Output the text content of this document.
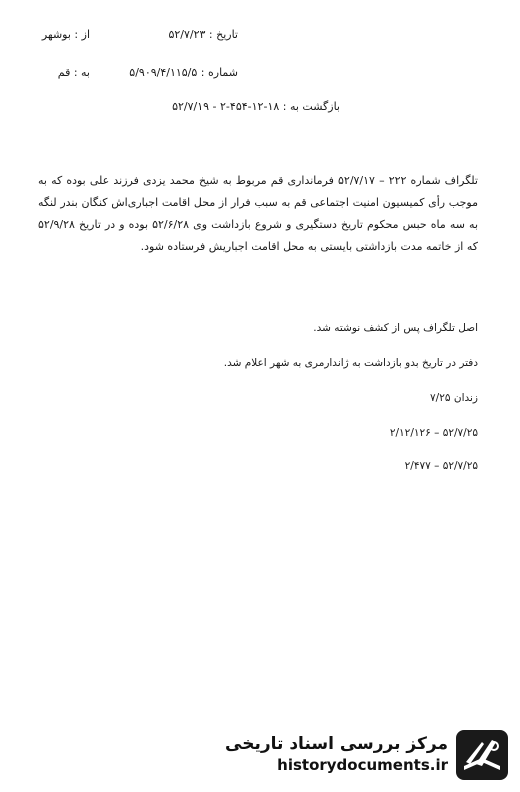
از : بوشهر	تاریخ : ۵۲/۷/۲۳
به : قم	شماره : ۵/۹۰۹/۴/۱۱۵/۵
بازگشت به : ۱۸-۱۲-۴۵۴-۲ - ۵۲/۷/۱۹
تلگراف شماره ۲۲۲ – ۵۲/۷/۱۷ فرمانداری قم مربوط به شیخ محمد یزدی فرزند علی بوده که به موجب رأی کمیسیون امنیت اجتماعی قم به سبب فرار از محل اقامت اجباری‌اش کنگان بندر لنگه به سه ماه حبس محکوم تاریخ دستگیری و شروع بازداشت وی ۵۲/۶/۲۸ بوده و در تاریخ ۵۲/۹/۲۸ که از خاتمه مدت بازداشتی بایستی به محل اقامت اجباریش فرستاده شود.
اصل تلگراف پس از کشف نوشته شد.
دفتر در تاریخ بدو بازداشت به ژاندارمری به شهر اعلام شد.
زندان ۷/۲۵
۵۲/۷/۲۵ – ۲/۱۲/۱۲۶
۵۲/۷/۲۵ – ۲/۴۷۷
مرکز بررسی اسناد تاریخی
historydocuments.ir
